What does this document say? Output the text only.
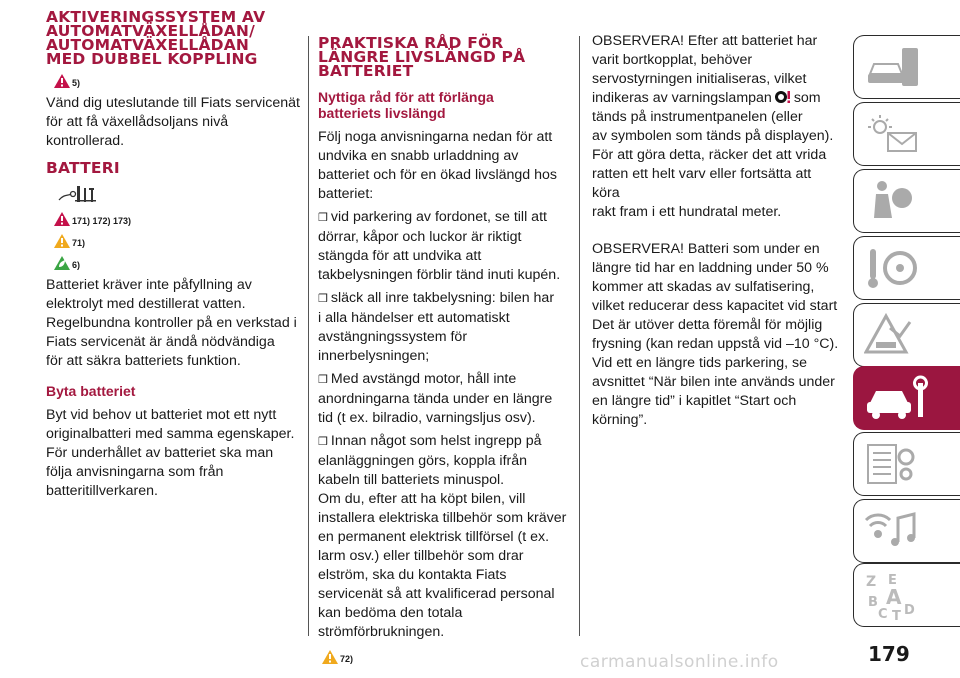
AKTIVERINGSSYSTEM AV
AUTOMATVÄXELLÅDAN/
AUTOMATVÄXELLÅDAN
MED DUBBEL KOPPLING
5)

Vänd dig uteslutande till Fiats servicenät
för att få växellådsoljans nivå
kontrollerad.

BATTERI
171) 172) 173)
71)
6)

Batteriet kräver inte påfyllning av
elektrolyt med destillerat vatten.
Regelbundna kontroller på en verkstad i
Fiats servicenät är ändå nödvändiga
för att säkra batteriets funktion.

Byta batteriet

Byt vid behov ut batteriet mot ett nytt
originalbatteri med samma egenskaper.
För underhållet av batteriet ska man
följa anvisningarna som från
batteritillverkaren.

PRAKTISKA RÅD FÖR
LÄNGRE LIVSLÄNGD PÅ
BATTERIET
Nyttiga råd för att förlänga
batteriets livslängd

Följ noga anvisningarna nedan för att
undvika en snabb urladdning av
batteriet och för en ökad livslängd hos
batteriet:

❒ vid parkering av fordonet, se till att
dörrar, kåpor och luckor är riktigt
stängda för att undvika att
takbelysningen förblir tänd inuti kupén.

❒ släck all inre takbelysning: bilen har
i alla händelser ett automatiskt
avstängningssystem för
innerbelysningen;

❒ Med avstängd motor, håll inte
anordningarna tända under en längre
tid (t ex. bilradio, varningsljus osv).

❒ Innan något som helst ingrepp på
elanläggningen görs, koppla ifrån
kabeln till batteriets minuspol.

Om du, efter att ha köpt bilen, vill
installera elektriska tillbehör som kräver
en permanent elektrisk tillförsel (t ex.
larm osv.) eller tillbehör som drar
elström, ska du kontakta Fiats
servicenät så att kvalificerad personal
kan bedöma den totala
strömförbrukningen.

72)

OBSERVERA! Efter att batteriet har
varit bortkopplat, behöver
servostyrningen initialiseras, vilket
indikeras av varningslampan som
tänds på instrumentpanelen (eller
av symbolen som tänds på displayen).
För att göra detta, räcker det att vrida
ratten ett helt varv eller fortsätta att köra
rakt fram i ett hundratal meter.

OBSERVERA! Batteri som under en
längre tid har en laddning under 50 %
kommer att skadas av sulfatisering,
vilket reducerar dess kapacitet vid start
Det är utöver detta föremål för möjlig
frysning (kan redan uppstå vid –10 °C).
Vid ett en längre tids parkering, se
avsnittet “När bilen inte används under
en längre tid” i kapitlet “Start och
körning”.

Z E
B A
C T D
179
carmanualsonline.info
